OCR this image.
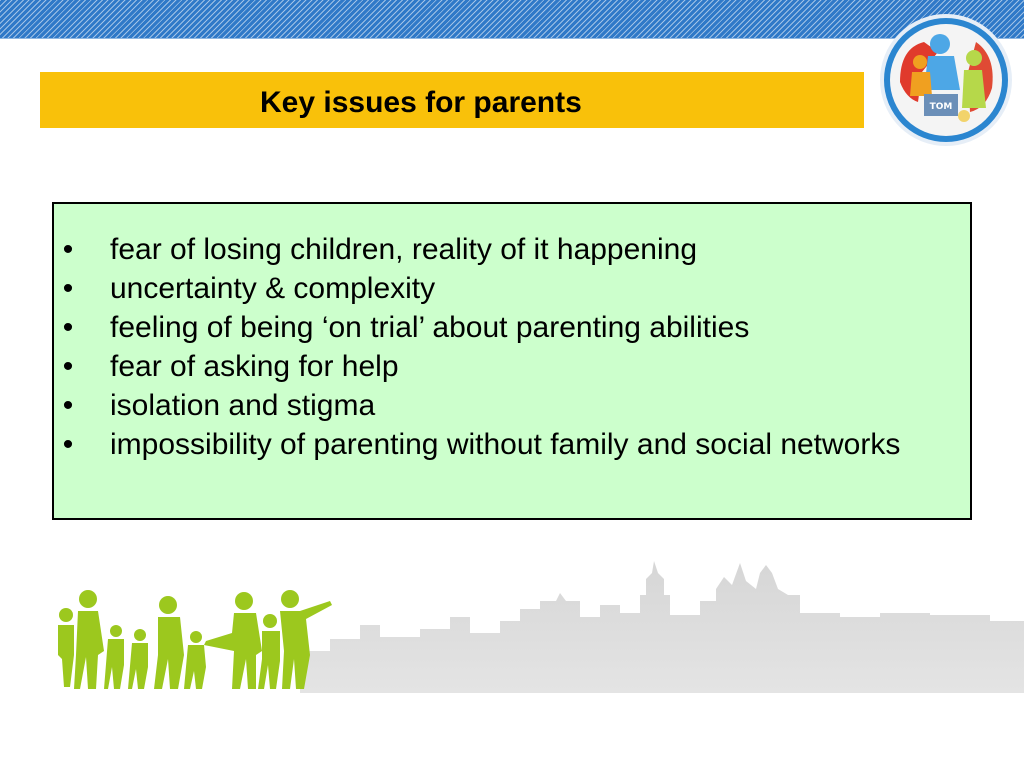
Key issues for parents	TOM
• fear of losing children, reality of it happening
• uncertainty & complexity
• feeling of being ‘on trial’ about parenting abilities
• fear of asking for help
• isolation and stigma
• impossibility of parenting without family and social networks
